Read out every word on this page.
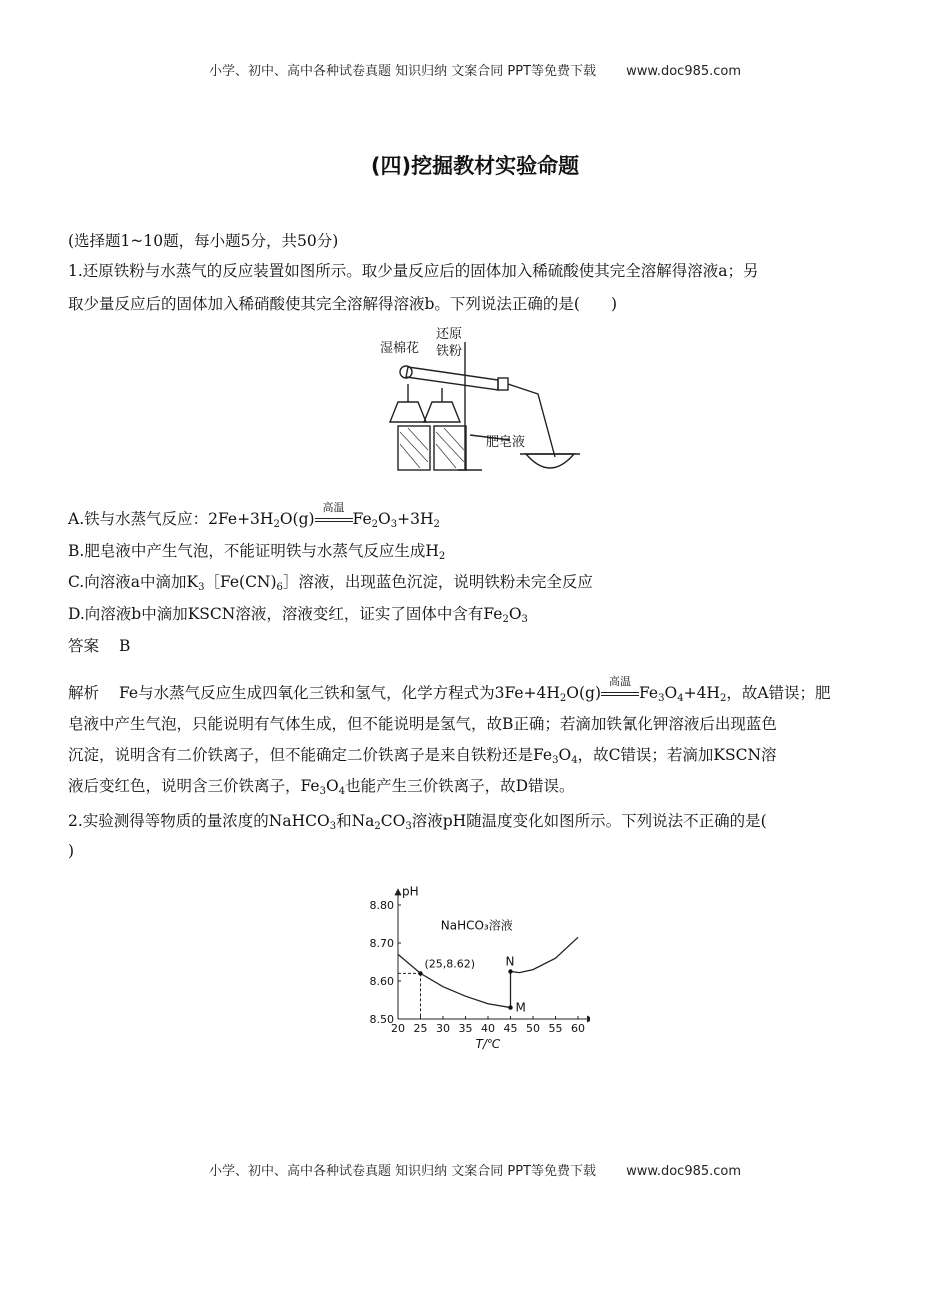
小学、初中、高中各种试卷真题 知识归纳 文案合同 PPT等免费下载 www.doc985.com
(四)挖掘教材实验命题
(选择题1~10题，每小题5分，共50分)
1.还原铁粉与水蒸气的反应装置如图所示。取少量反应后的固体加入稀硫酸使其完全溶解得溶液a；另
取少量反应后的固体加入稀硝酸使其完全溶解得溶液b。下列说法正确的是(　　)
湿棉花
还原
铁粉
肥皂液
A.铁与水蒸气反应：$2Fe+3H_2O(g)$
高温
$Fe_2O_3+3H_2$
B.肥皂液中产生气泡，不能证明铁与水蒸气反应生成$H_2$
C.向溶液a中滴加$K_3[Fe(CN)_6]$溶液，出现蓝色沉淀，说明铁粉未完全反应
D.向溶液b中滴加KSCN溶液，溶液变红，证实了固体中含有$Fe_2O_3$
答案 B
解析 Fe与水蒸气反应生成四氧化三铁和氢气，化学方程式为$3Fe+4H_2O(g)$
高温
$Fe_3O_4+4H_2$，故A错误；肥
皂液中产生气泡，只能说明有气体生成，但不能说明是氢气，故B正确；若滴加铁氰化钾溶液后出现蓝色
沉淀，说明含有二价铁离子，但不能确定二价铁离子是来自铁粉还是$Fe_3O_4$，故C错误；若滴加KSCN溶
液后变红色，说明含三价铁离子，$Fe_3O_4$也能产生三价铁离子，故D错误。
2.实验测得等物质的量浓度的NaHCO$_3$和$Na_2CO_3$溶液pH随温度变化如图所示。下列说法不正确的是(
)
20 25 30 35 40 45 50 55 60
8.50
8.60
8.70
8.80
pH
T/℃
(25,8.62)	N
M
NaHCO₃溶液
小学、初中、高中各种试卷真题 知识归纳 文案合同 PPT等免费下载 www.doc985.com
